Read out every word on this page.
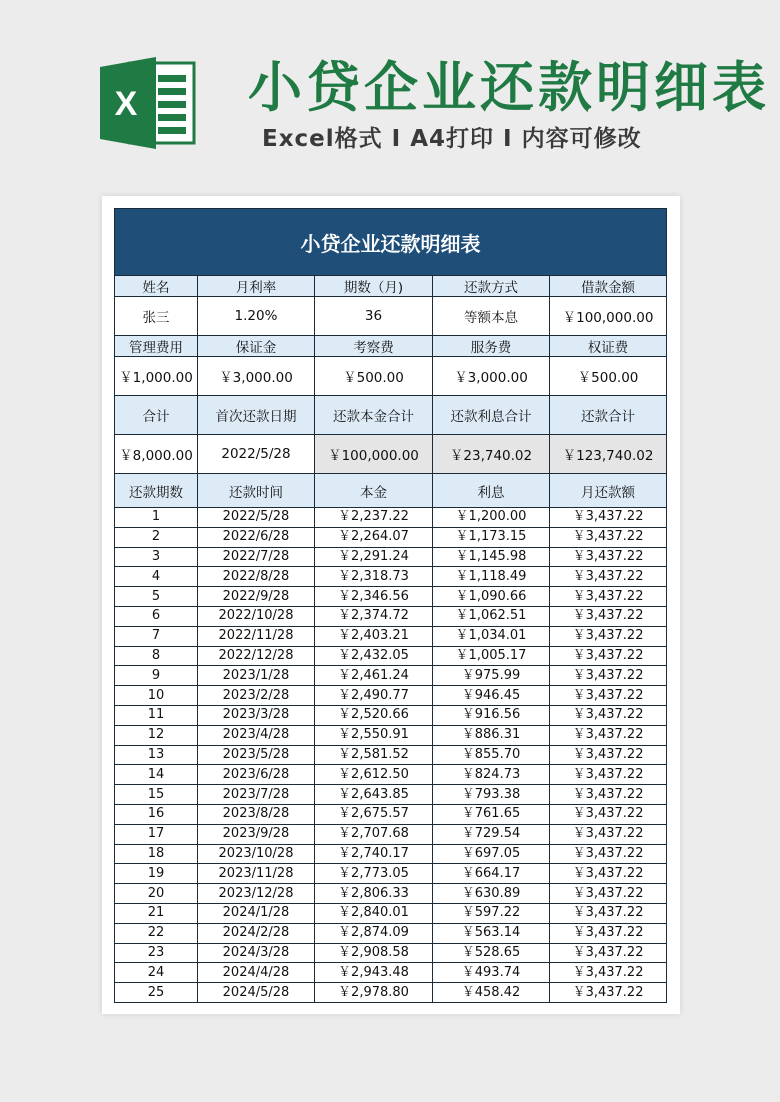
X 小贷企业还款明细表

Excel格式 I A4打印 I 内容可修改

小贷企业还款明细表				
姓名	月利率	期数（月)	还款方式	借款金额
张三	1.20%	36	等额本息	￥100,000.00
管理费用	保证金	考察费	服务费	权证费
￥1,000.00	￥3,000.00	￥500.00	￥3,000.00	￥500.00
合计	首次还款日期	还款本金合计	还款利息合计	还款合计
￥8,000.00	2022/5/28	￥100,000.00	￥23,740.02	￥123,740.02
还款期数	还款时间	本金	利息	月还款额
1	2022/5/28	￥2,237.22	￥1,200.00	￥3,437.22
2	2022/6/28	￥2,264.07	￥1,173.15	￥3,437.22
3	2022/7/28	￥2,291.24	￥1,145.98	￥3,437.22
4	2022/8/28	￥2,318.73	￥1,118.49	￥3,437.22
5	2022/9/28	￥2,346.56	￥1,090.66	￥3,437.22
6	2022/10/28	￥2,374.72	￥1,062.51	￥3,437.22
7	2022/11/28	￥2,403.21	￥1,034.01	￥3,437.22
8	2022/12/28	￥2,432.05	￥1,005.17	￥3,437.22
9	2023/1/28	￥2,461.24	￥975.99	￥3,437.22
10	2023/2/28	￥2,490.77	￥946.45	￥3,437.22
11	2023/3/28	￥2,520.66	￥916.56	￥3,437.22
12	2023/4/28	￥2,550.91	￥886.31	￥3,437.22
13	2023/5/28	￥2,581.52	￥855.70	￥3,437.22
14	2023/6/28	￥2,612.50	￥824.73	￥3,437.22
15	2023/7/28	￥2,643.85	￥793.38	￥3,437.22
16	2023/8/28	￥2,675.57	￥761.65	￥3,437.22
17	2023/9/28	￥2,707.68	￥729.54	￥3,437.22
18	2023/10/28	￥2,740.17	￥697.05	￥3,437.22
19	2023/11/28	￥2,773.05	￥664.17	￥3,437.22
20	2023/12/28	￥2,806.33	￥630.89	￥3,437.22
21	2024/1/28	￥2,840.01	￥597.22	￥3,437.22
22	2024/2/28	￥2,874.09	￥563.14	￥3,437.22
23	2024/3/28	￥2,908.58	￥528.65	￥3,437.22
24	2024/4/28	￥2,943.48	￥493.74	￥3,437.22
25	2024/5/28	￥2,978.80	￥458.42	￥3,437.22
